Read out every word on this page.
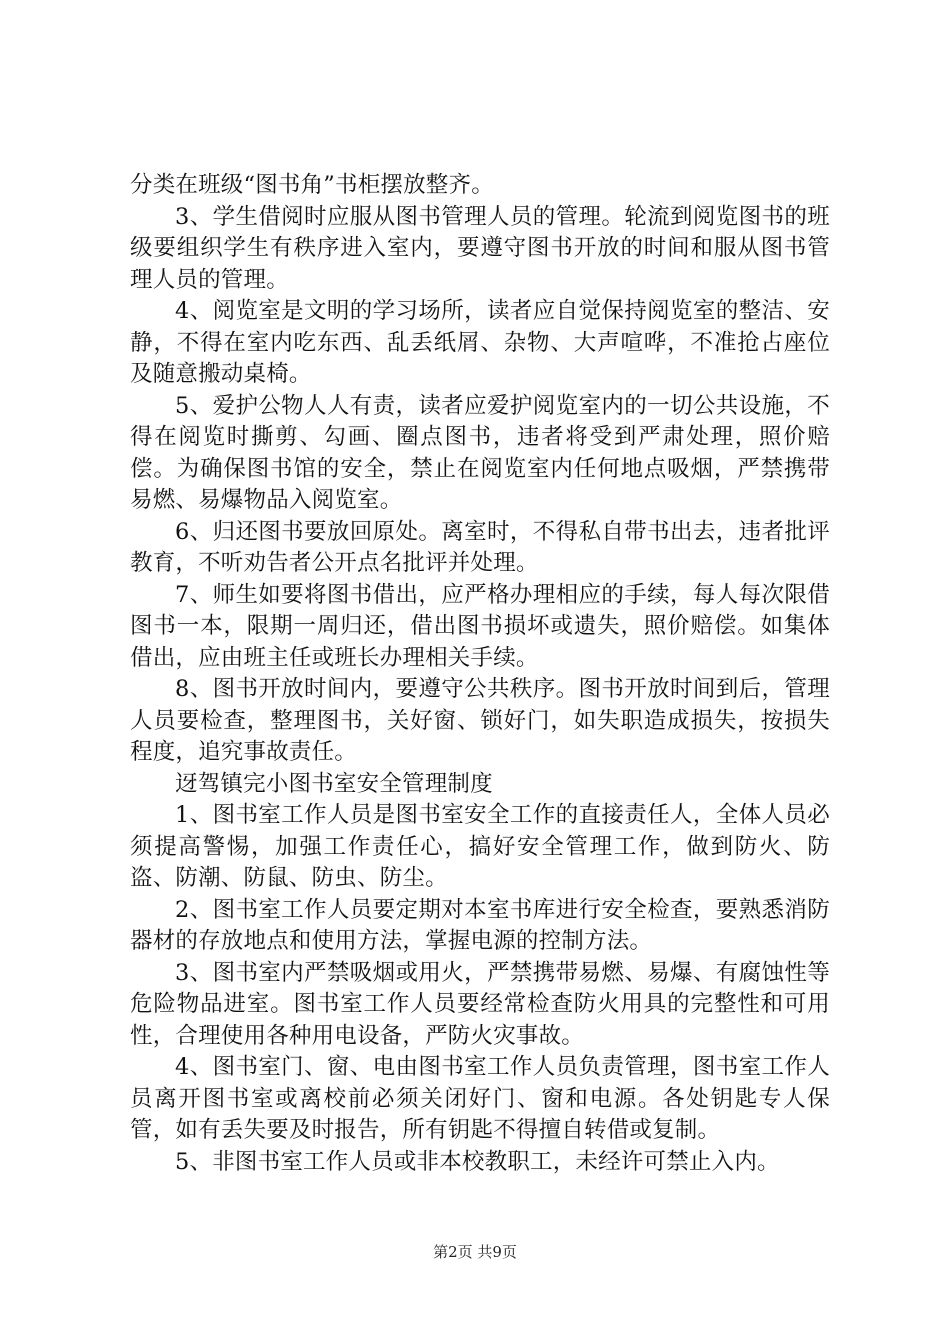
分类在班级“图书角”书柜摆放整齐。

3、学生借阅时应服从图书管理人员的管理。轮流到阅览图书的班级要组织学生有秩序进入室内，要遵守图书开放的时间和服从图书管理人员的管理。

4、阅览室是文明的学习场所，读者应自觉保持阅览室的整洁、安静，不得在室内吃东西、乱丢纸屑、杂物、大声喧哗，不准抢占座位及随意搬动桌椅。

5、爱护公物人人有责，读者应爱护阅览室内的一切公共设施，不得在阅览时撕剪、勾画、圈点图书，违者将受到严肃处理，照价赔偿。为确保图书馆的安全，禁止在阅览室内任何地点吸烟，严禁携带易燃、易爆物品入阅览室。

6、归还图书要放回原处。离室时，不得私自带书出去，违者批评教育，不听劝告者公开点名批评并处理。

7、师生如要将图书借出，应严格办理相应的手续，每人每次限借图书一本，限期一周归还，借出图书损坏或遗失，照价赔偿。如集体借出，应由班主任或班长办理相关手续。

8、图书开放时间内，要遵守公共秩序。图书开放时间到后，管理人员要检查，整理图书，关好窗、锁好门，如失职造成损失，按损失程度，追究事故责任。

迓驾镇完小图书室安全管理制度

1、图书室工作人员是图书室安全工作的直接责任人，全体人员必须提高警惕，加强工作责任心，搞好安全管理工作，做到防火、防盗、防潮、防鼠、防虫、防尘。

2、图书室工作人员要定期对本室书库进行安全检查，要熟悉消防器材的存放地点和使用方法，掌握电源的控制方法。

3、图书室内严禁吸烟或用火，严禁携带易燃、易爆、有腐蚀性等危险物品进室。图书室工作人员要经常检查防火用具的完整性和可用性，合理使用各种用电设备，严防火灾事故。

4、图书室门、窗、电由图书室工作人员负责管理，图书室工作人员离开图书室或离校前必须关闭好门、窗和电源。各处钥匙专人保管，如有丢失要及时报告，所有钥匙不得擅自转借或复制。

5、非图书室工作人员或非本校教职工，未经许可禁止入内。

第2页 共9页
